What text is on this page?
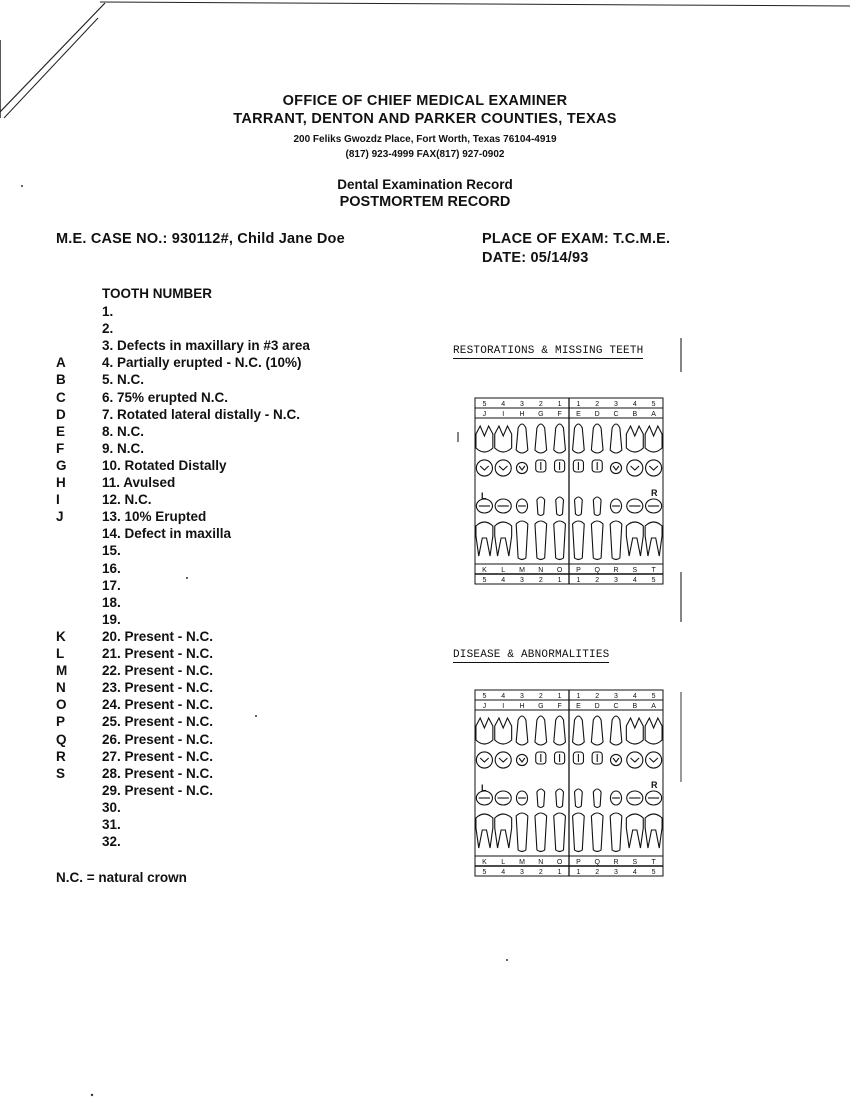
OFFICE OF CHIEF MEDICAL EXAMINER
TARRANT, DENTON AND PARKER COUNTIES, TEXAS
200 Feliks Gwozdz Place, Fort Worth, Texas 76104-4919
(817) 923-4999 FAX(817) 927-0902
Dental Examination Record
POSTMORTEM RECORD
M.E. CASE NO.: 930112#, Child Jane Doe	PLACE OF EXAM: T.C.M.E.
DATE: 05/14/93
TOOTH NUMBER
1.
2.
3. Defects in maxillary in #3 area
A	4. Partially erupted - N.C. (10%)
B	5. N.C.
C	6. 75% erupted N.C.
D	7. Rotated lateral distally - N.C.
E	8. N.C.
F	9. N.C.
G	10. Rotated Distally
H	11. Avulsed
I	12. N.C.
J	13. 10% Erupted
14. Defect in maxilla
15.
16.
17.
18.
19.
K	20. Present - N.C.
L	21. Present - N.C.
M	22. Present - N.C.
N	23. Present - N.C.
O	24. Present - N.C.
P	25. Present - N.C.
Q	26. Present - N.C.
R	27. Present - N.C.
S	28. Present - N.C.
29. Present - N.C.
30.
31.
32.
N.C. = natural crown
RESTORATIONS & MISSING TEETH
5 4 3 2 1 1 2 3 4 5
J I H G F E D C B A
K L M N O P Q R S T
5 4 3 2 1 1 2 3 4 5
L	R
DISEASE & ABNORMALITIES
5 4 3 2 1 1 2 3 4 5
J I H G F E D C B A
K L M N O P Q R S T
5 4 3 2 1 1 2 3 4 5
L	R
